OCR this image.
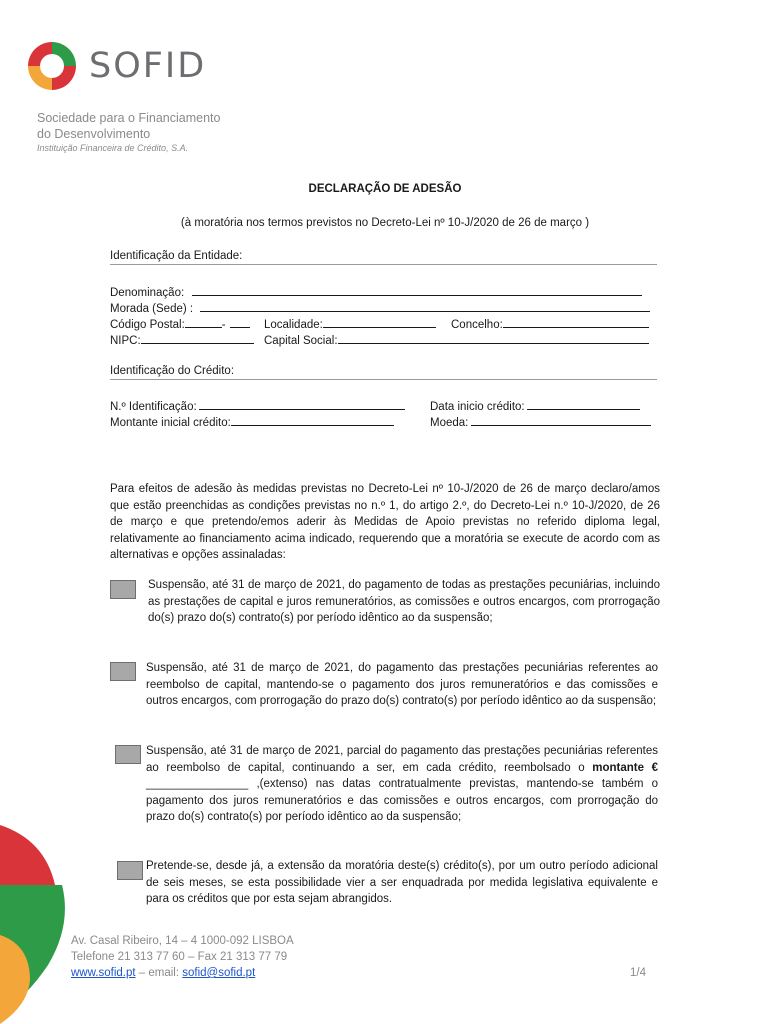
SOFID
Sociedade para o Financiamento
do Desenvolvimento
Instituição Financeira de Crédito, S.A.
DECLARAÇÃO DE ADESÃO
(à moratória nos termos previstos no Decreto-Lei nº 10-J/2020 de 26 de março )
Identificação da Entidade:
Denominação:
Morada (Sede) :
Código Postal:	-	Localidade:	Concelho:
NIPC:	Capital Social:
Identificação do Crédito:
N.º Identificação:	Data inicio crédito:
Montante inicial crédito:	Moeda:
Para efeitos de adesão às medidas previstas no Decreto-Lei nº 10-J/2020 de 26 de março declaro/amos que estão preenchidas as condições previstas no n.º 1, do artigo 2.º, do Decreto-Lei n.º 10-J/2020, de 26 de março e que pretendo/emos aderir às Medidas de Apoio previstas no referido diploma legal, relativamente ao financiamento acima indicado, requerendo que a moratória se execute de acordo com as alternativas e opções assinaladas:
Suspensão, até 31 de março de 2021, do pagamento de todas as prestações pecuniárias, incluindo as prestações de capital e juros remuneratórios, as comissões e outros encargos, com prorrogação do(s) prazo do(s) contrato(s) por período idêntico ao da suspensão;
Suspensão, até 31 de março de 2021, do pagamento das prestações pecuniárias referentes ao reembolso de capital, mantendo-se o pagamento dos juros remuneratórios e das comissões e outros encargos, com prorrogação do prazo do(s) contrato(s) por período idêntico ao da suspensão;
Suspensão, até 31 de março de 2021, parcial do pagamento das prestações pecuniárias referentes ao reembolso de capital, continuando a ser, em cada crédito, reembolsado o montante € ________________ ,(extenso) nas datas contratualmente previstas, mantendo-se também o pagamento dos juros remuneratórios e das comissões e outros encargos, com prorrogação do prazo do(s) contrato(s) por período idêntico ao da suspensão;
Pretende-se, desde já, a extensão da moratória deste(s) crédito(s), por um outro período adicional de seis meses, se esta possibilidade vier a ser enquadrada por medida legislativa equivalente e para os créditos que por esta sejam abrangidos.
Av. Casal Ribeiro, 14 – 4 1000-092 LISBOA
Telefone 21 313 77 60 – Fax 21 313 77 79
www.sofid.pt – email: sofid@sofid.pt	1/4
